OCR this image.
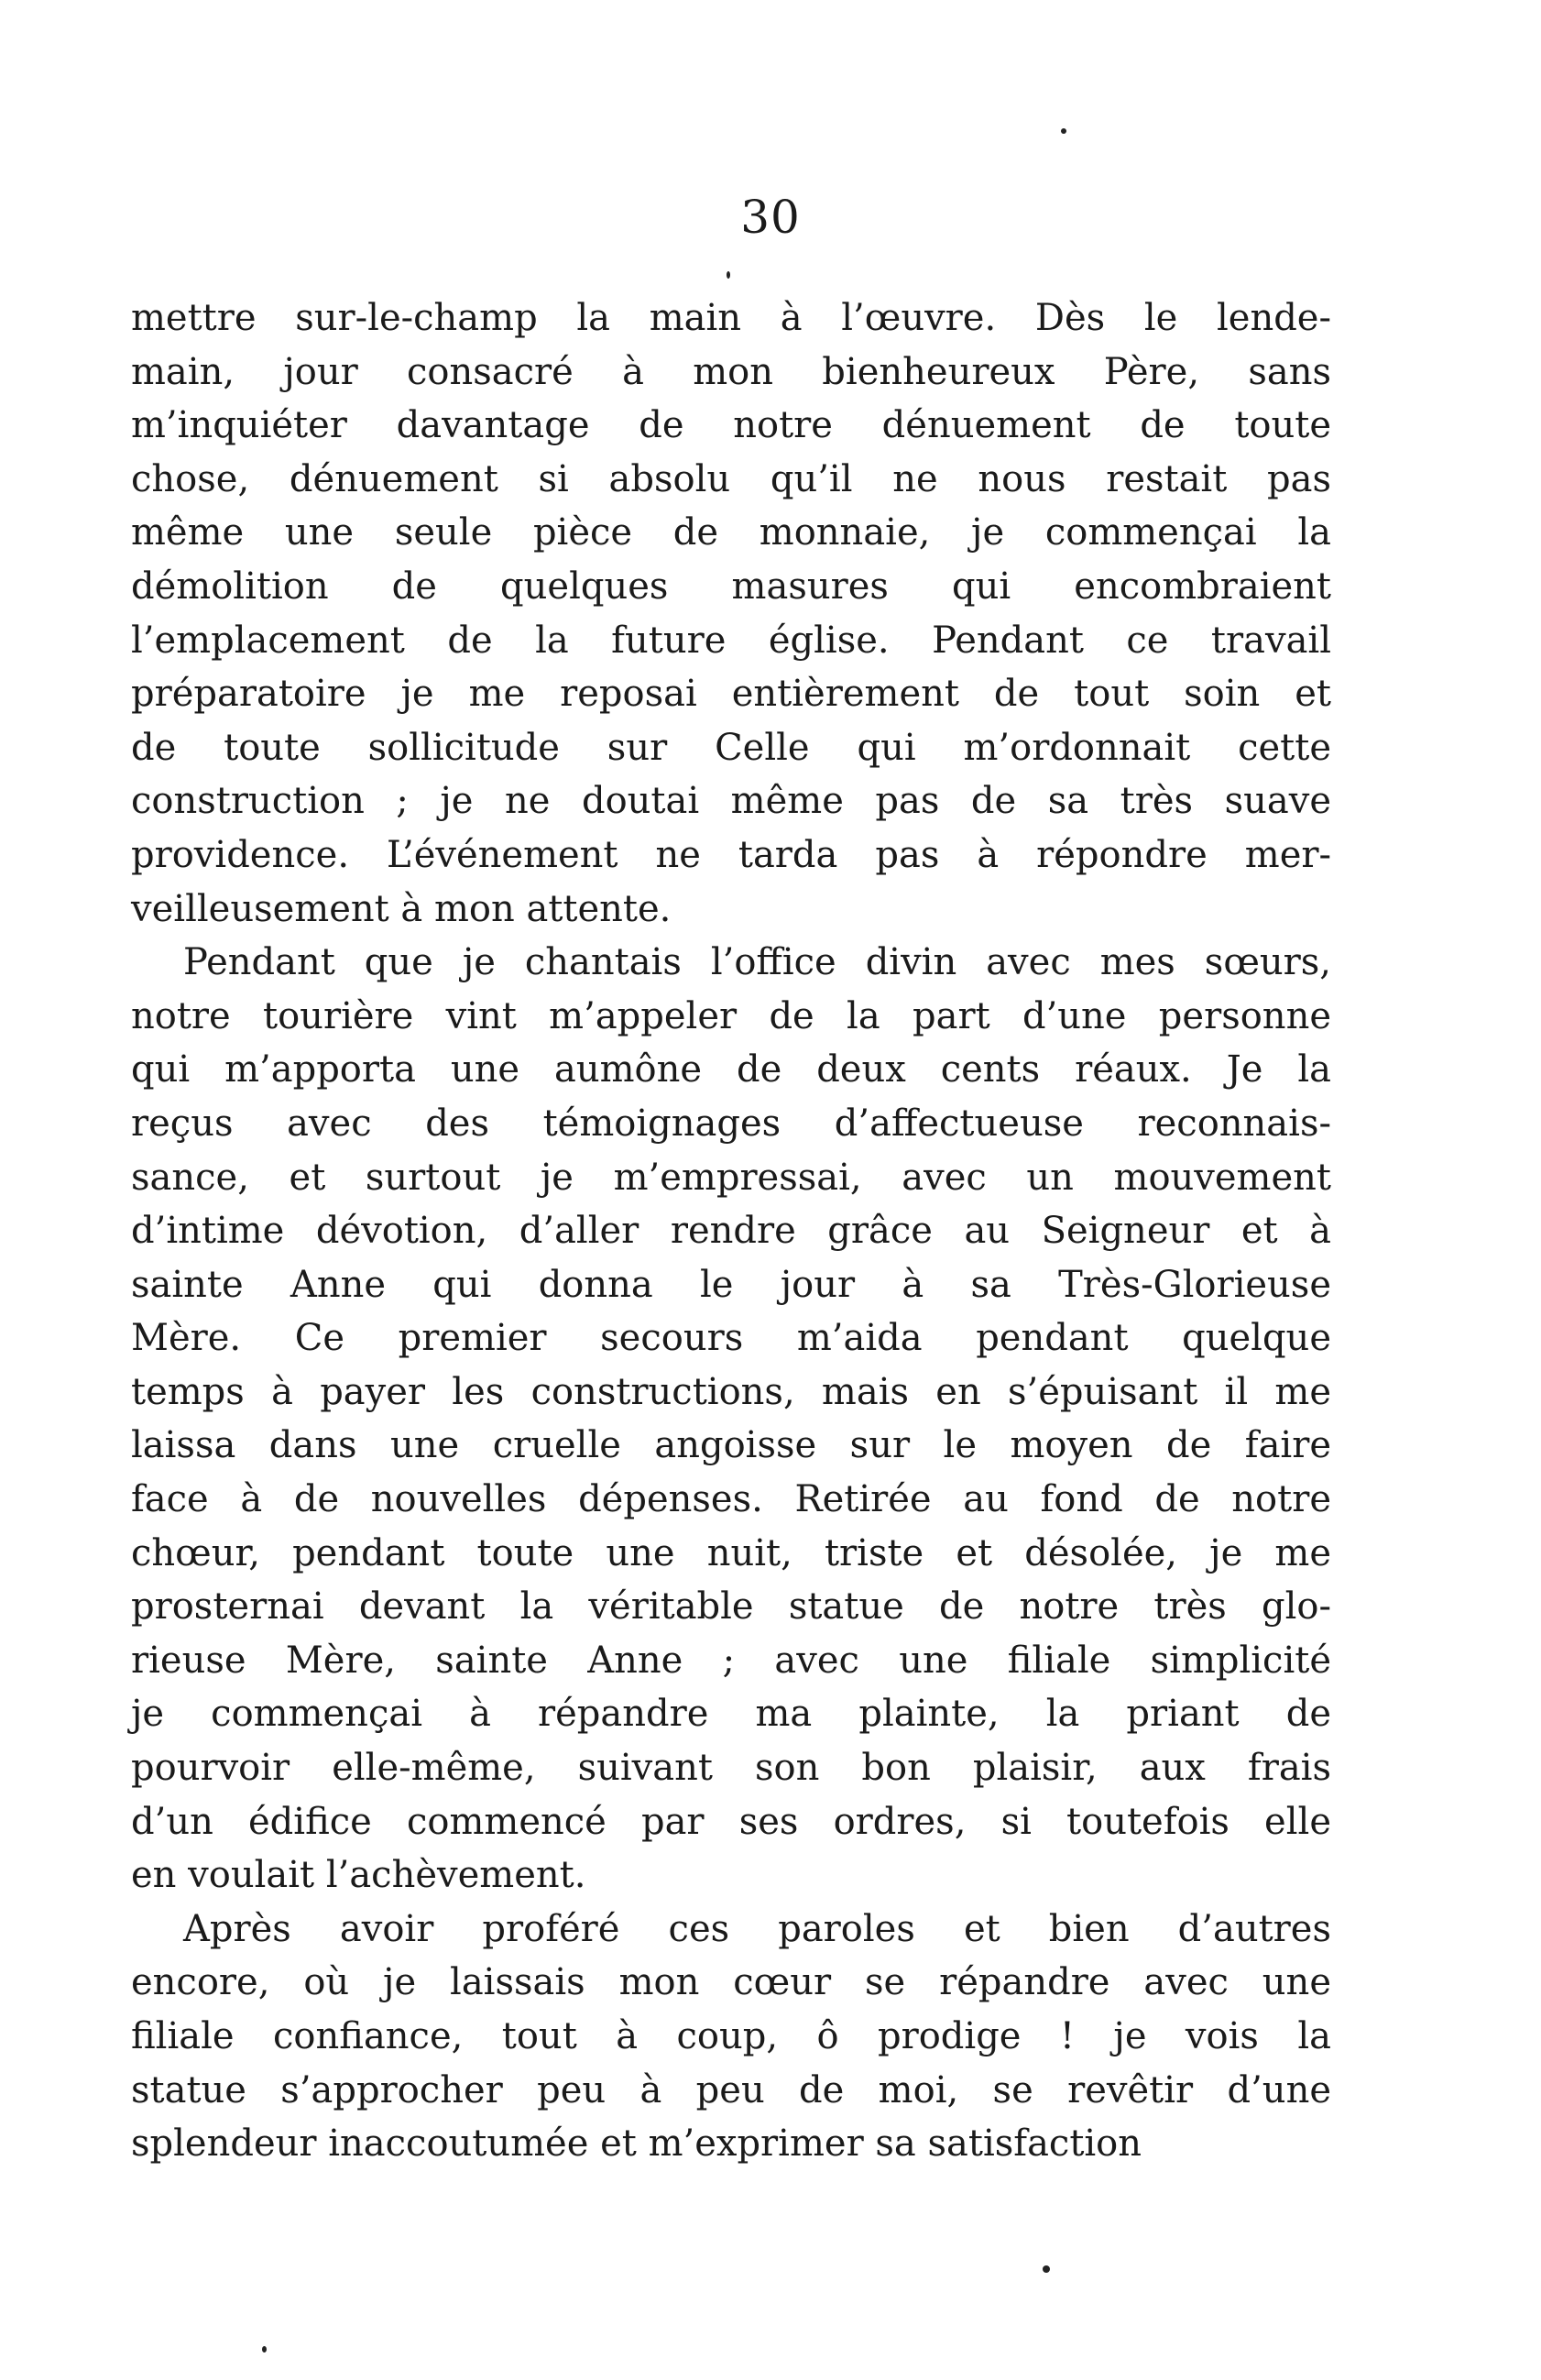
30
mettre sur-le-champ la main à l’œuvre. Dès le lende-
main, jour consacré à mon bienheureux Père, sans
m’inquiéter davantage de notre dénuement de toute
chose, dénuement si absolu qu’il ne nous restait pas
même une seule pièce de monnaie, je commençai la
démolition de quelques masures qui encombraient
l’emplacement de la future église. Pendant ce travail
préparatoire je me reposai entièrement de tout soin et
de toute sollicitude sur Celle qui m’ordonnait cette
construction ; je ne doutai même pas de sa très suave
providence. L’événement ne tarda pas à répondre mer-
veilleusement à mon attente.
Pendant que je chantais l’office divin avec mes sœurs,
notre tourière vint m’appeler de la part d’une personne
qui m’apporta une aumône de deux cents réaux. Je la
reçus avec des témoignages d’affectueuse reconnais-
sance, et surtout je m’empressai, avec un mouvement
d’intime dévotion, d’aller rendre grâce au Seigneur et à
sainte Anne qui donna le jour à sa Très-Glorieuse
Mère. Ce premier secours m’aida pendant quelque
temps à payer les constructions, mais en s’épuisant il me
laissa dans une cruelle angoisse sur le moyen de faire
face à de nouvelles dépenses. Retirée au fond de notre
chœur, pendant toute une nuit, triste et désolée, je me
prosternai devant la véritable statue de notre très glo-
rieuse Mère, sainte Anne ; avec une filiale simplicité
je commençai à répandre ma plainte, la priant de
pourvoir elle-même, suivant son bon plaisir, aux frais
d’un édifice commencé par ses ordres, si toutefois elle
en voulait l’achèvement.
Après avoir proféré ces paroles et bien d’autres
encore, où je laissais mon cœur se répandre avec une
filiale confiance, tout à coup, ô prodige ! je vois la
statue s’approcher peu à peu de moi, se revêtir d’une
splendeur inaccoutumée et m’exprimer sa satisfaction
